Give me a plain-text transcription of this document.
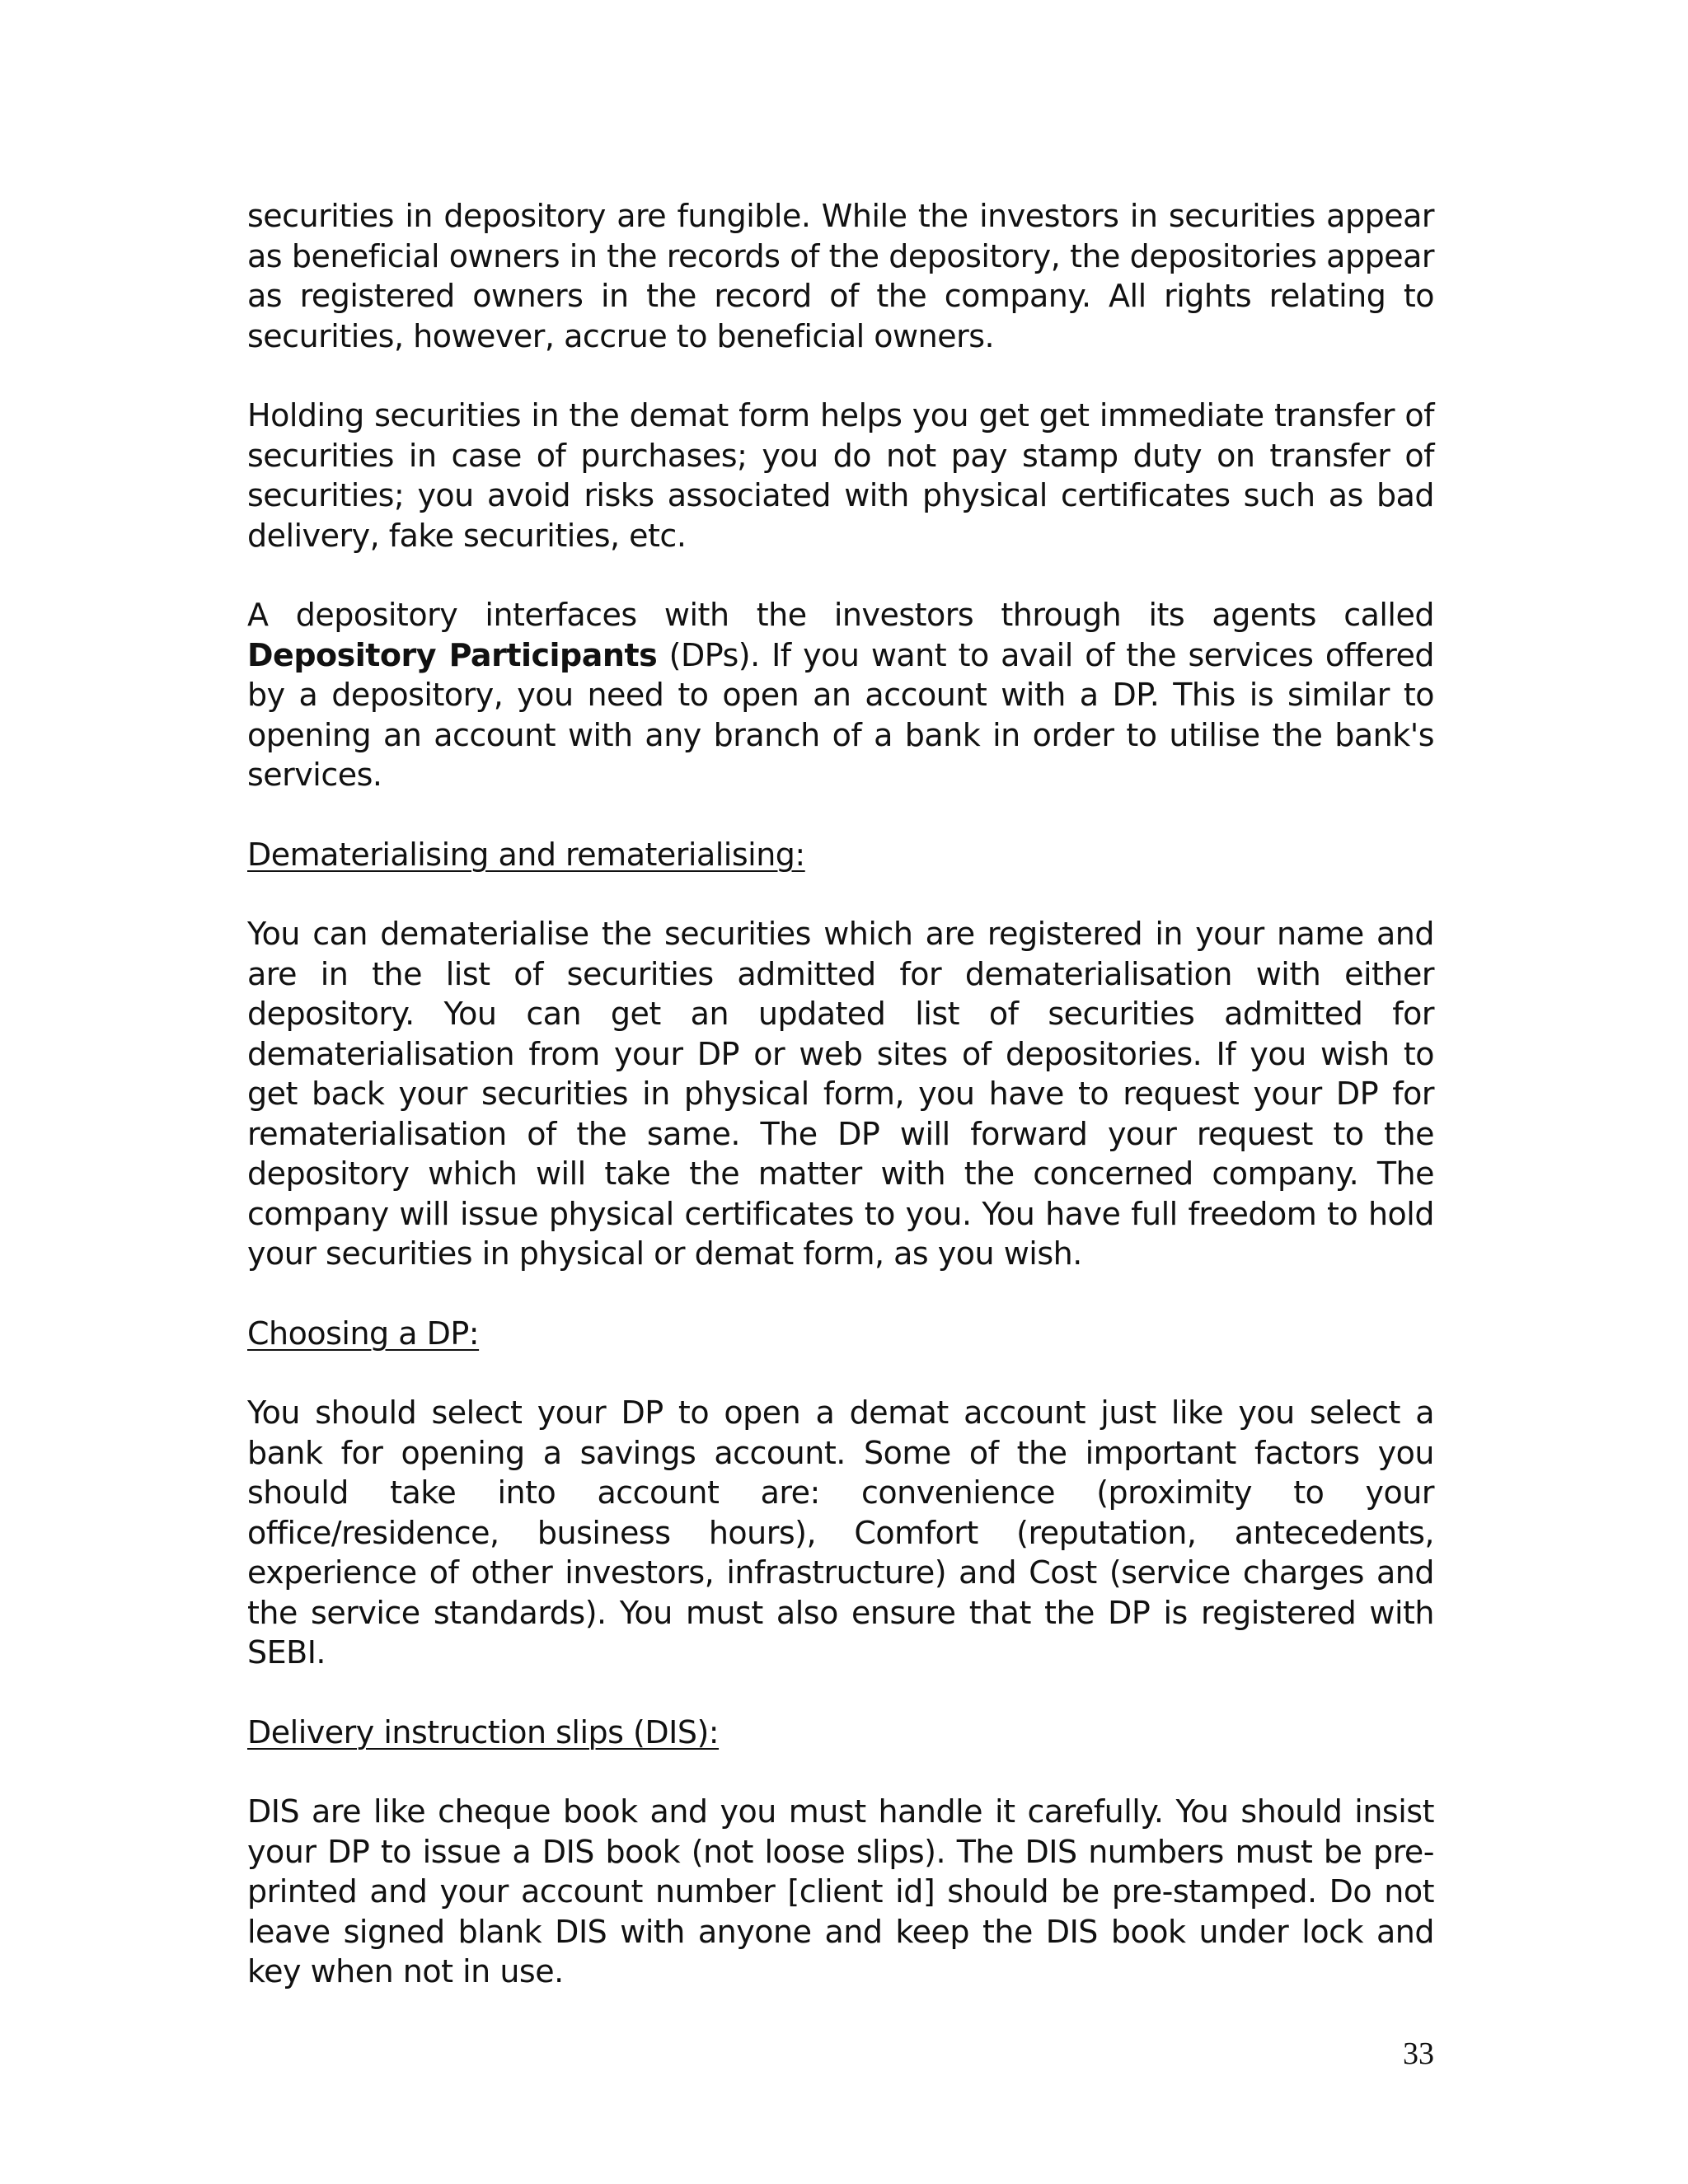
securities in depository are fungible. While the investors in securities appear as beneficial owners in the records of the depository, the depositories appear as registered owners in the record of the company. All rights relating to securities, however, accrue to beneficial owners.

Holding securities in the demat form helps you get get immediate transfer of securities in case of purchases; you do not pay stamp duty on transfer of securities; you avoid risks associated with physical certificates such as bad delivery, fake securities, etc.

A depository interfaces with the investors through its agents called Depository Participants (DPs). If you want to avail of the services offered by a depository, you need to open an account with a DP. This is similar to opening an account with any branch of a bank in order to utilise the bank's services.

Dematerialising and rematerialising:

You can dematerialise the securities which are registered in your name and are in the list of securities admitted for dematerialisation with either depository. You can get an updated list of securities admitted for dematerialisation from your DP or web sites of depositories. If you wish to get back your securities in physical form, you have to request your DP for rematerialisation of the same. The DP will forward your request to the depository which will take the matter with the concerned company. The company will issue physical certificates to you. You have full freedom to hold your securities in physical or demat form, as you wish.

Choosing a DP:

You should select your DP to open a demat account just like you select a bank for opening a savings account. Some of the important factors you should take into account are: convenience (proximity to your office/residence, business hours), Comfort (reputation, antecedents, experience of other investors, infrastructure) and Cost (service charges and the service standards). You must also ensure that the DP is registered with SEBI.

Delivery instruction slips (DIS):

DIS are like cheque book and you must handle it carefully. You should insist your DP to issue a DIS book (not loose slips). The DIS numbers must be pre-printed and your account number [client id] should be pre-stamped. Do not leave signed blank DIS with anyone and keep the DIS book under lock and key when not in use.

33
